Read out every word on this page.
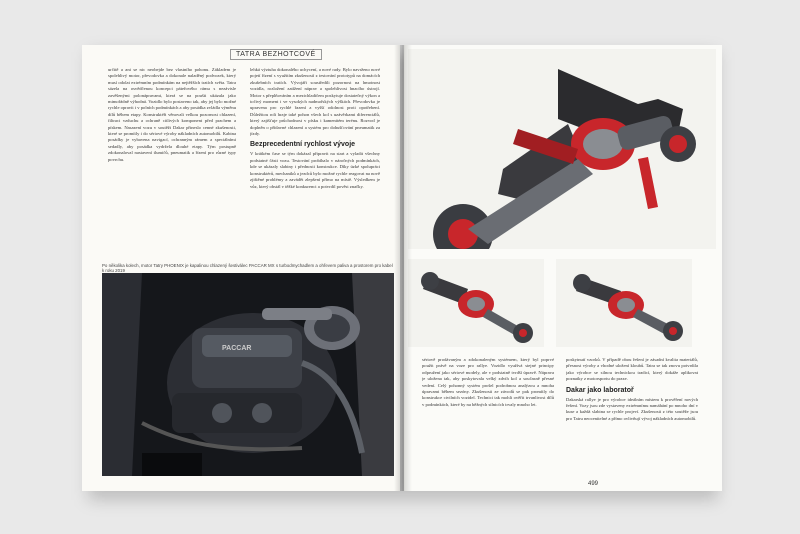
TATRA BEZHOTCOVÉ

určitě a ani se nic neobejde bez vlastního pohonu. Základem je spolehlivý motor, převodovka a dokonale naladěný podvozek, který musí odolat extrémním podmínkám na nejtěžších tratích světa. Tatra sázela na osvědčenou koncepci páteřového rámu s nezávisle zavěšenými polonápravami, která se na poušti ukázala jako mimořádně výhodná. Vozidlo bylo postaveno tak, aby jej bylo možné rychle opravit i v polních podmínkách a aby posádka zvládla výměnu dílů během etapy. Konstruktéři věnovali velkou pozornost chlazení, filtraci vzduchu a ochraně citlivých komponent před prachem a pískem. Nasazení vozu v soutěži Dakar přineslo cenné zkušenosti, které se promítly i do sériové výroby nákladních automobilů. Kabina posádky je vybavena navigací, ochranným rámem a speciálními sedadly, aby posádka vydržela dlouhé etapy. Tým postupně zdokonaloval nastavení tlumičů, pneumatik a řízení pro různé typy povrchu.

lehká výztuha dokonalého uchycení, a nové rady. Bylo navrženo nové pojetí řízení s využitím zkušeností z testování prototypů na domácích zkušebních tratích. Vývojáři soustředili pozornost na hmotnost vozidla, rozložení zatížení náprav a spolehlivost hnacího ústrojí. Motor s přeplňováním a mezichladičem poskytuje dostatečný výkon a točivý moment i ve vysokých nadmořských výškách. Převodovka je upravena pro rychlé řazení a vyšší odolnost proti opotřebení. Důležitou roli hraje také pohon všech kol s uzávěrkami diferenciálů, který zajišťuje průchodnost v písku i kamenitém terénu. Rozvod je doplněn o přídavné chlazení a systém pro dohušťování pneumatik za jízdy.

Bezprecedentní rychlost vývoje

V krátkém čase se tým dokázal připravit na start a vyladit všechny podstatné části vozu. Testování probíhalo v náročných podmínkách, kde se ukázaly slabiny i přednosti konstrukce. Díky úzké spolupráci konstruktérů, mechaniků a jezdců bylo možné rychle reagovat na nově zjištěné problémy a zavádět zlepšení přímo na místě. Výsledkem je vůz, který obstál v těžké konkurenci a potvrdil pověst značky.

Po několika kolech, motor Tatry PHOENIX je kapalinou chlazený šestiválec PACCAR MX s turbodmychadlem a ohřevem paliva a prostorem pro kabel k roku 2019
PACCAR

sériově prodávaným a zdokonaleným systémem, který byl poprvé použit právě na voze pro rallye. Vozidlo využívá stejné principy odpružení jako sériové modely, ale v podstatně tvrdší úpravě. Náprava je uložena tak, aby poskytovala velký zdvih kol a současně přesné vedení. Celý pohonný systém prošel podrobnou analýzou a mnoha úpravami během sezóny. Zkušenosti ze závodů se pak promítly do konstrukce civilních vozidel. Technici tak mohli ověřit trvanlivost dílů v podmínkách, které by na běžných silnicích trvaly mnoho let.

poskytnutí vzorků. V případě obou řešení je zásadní kvalita materiálů, přesnost výroby a vhodné uložení kloubů. Tatra se tak znovu potvrdila jako výrobce se silnou technickou tradicí, který dokáže aplikovat poznatky z motorsportu do praxe.

Dakar jako laboratoř

Dakarská rallye je pro výrobce ideálním místem k prověření nových řešení. Vozy jsou zde vystaveny extrémnímu namáhání po mnoho dní v kuse a každá slabina se rychle projeví. Zkušenosti z této soutěže jsou pro Tatru neocenitelné a přímo ovlivňují vývoj nákladních automobilů.

499
